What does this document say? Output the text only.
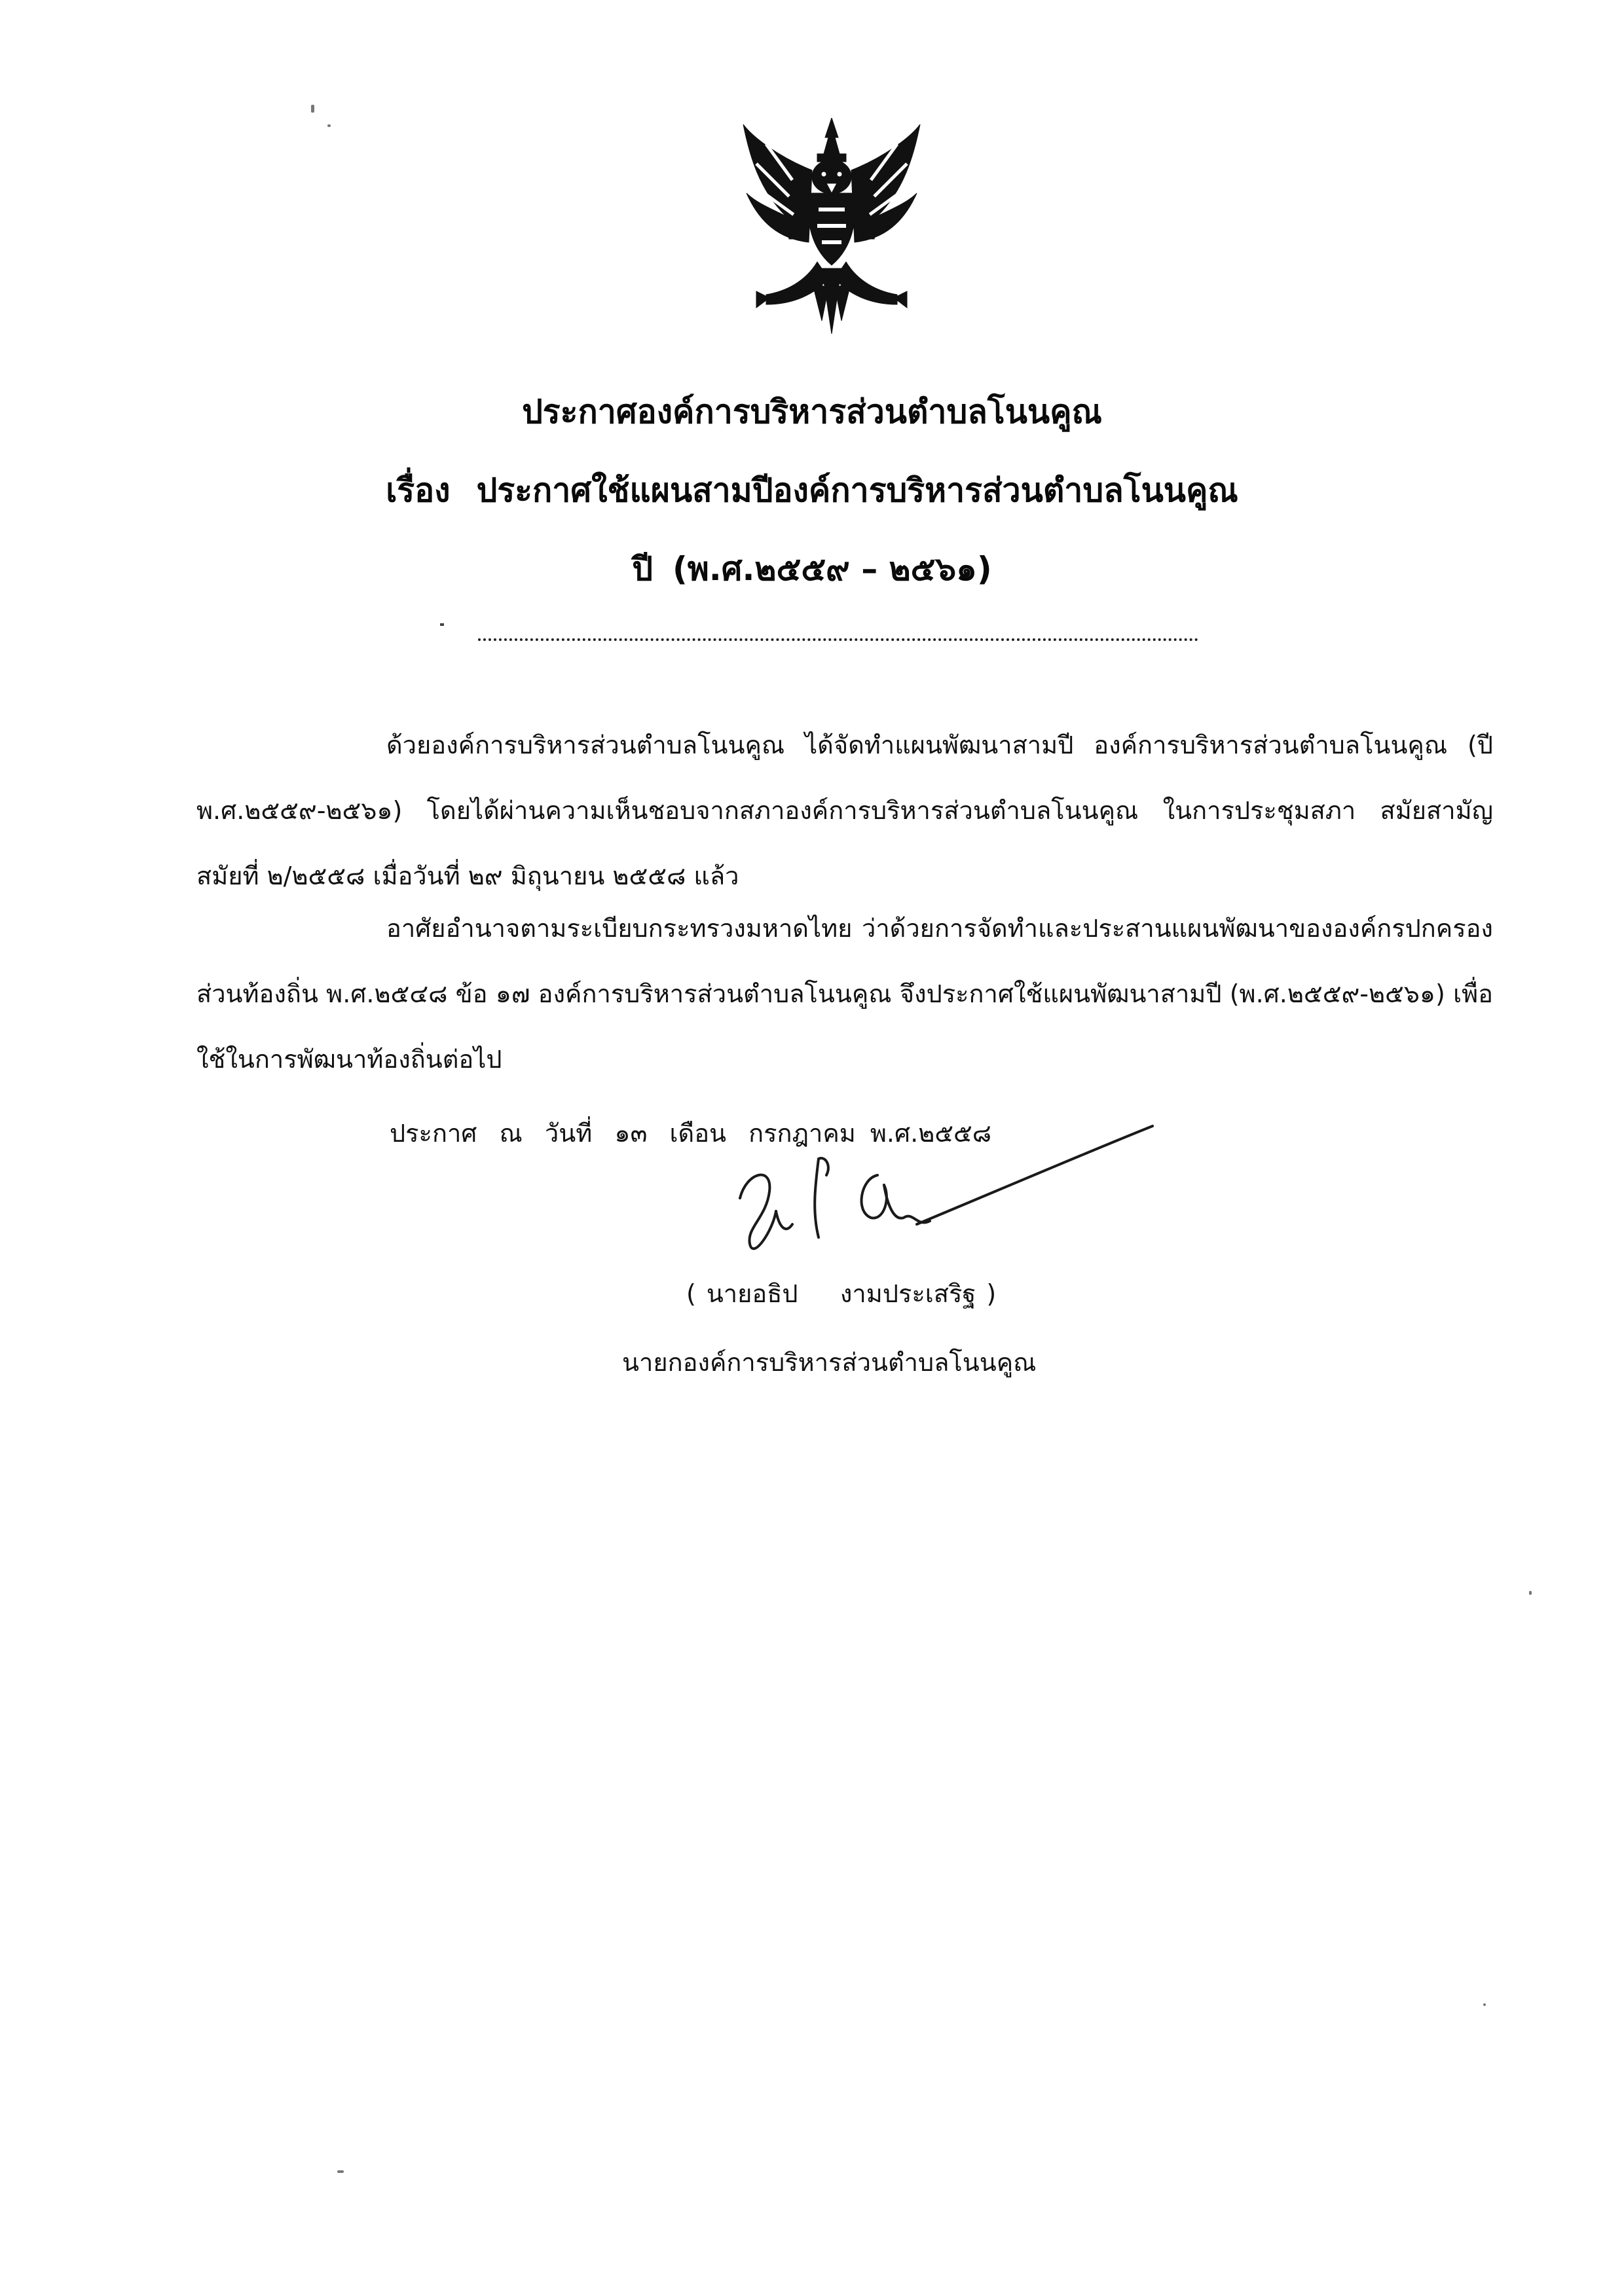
ประกาศองค์การบริหารส่วนตำบลโนนคูณ
เรื่อง ประกาศใช้แผนสามปีองค์การบริหารส่วนตำบลโนนคูณ
ปี (พ.ศ.๒๕๕๙ – ๒๕๖๑)

ด้วยองค์การบริหารส่วนตำบลโนนคูณ ได้จัดทำแผนพัฒนาสามปี องค์การบริหารส่วนตำบลโนนคูณ (ปี พ.ศ.๒๕๕๙-๒๕๖๑) โดยได้ผ่านความเห็นชอบจากสภาองค์การบริหารส่วนตำบลโนนคูณ ในการประชุมสภา สมัยสามัญ สมัยที่ ๒/๒๕๕๘ เมื่อวันที่ ๒๙ มิถุนายน ๒๕๕๘ แล้ว

อาศัยอำนาจตามระเบียบกระทรวงมหาดไทย ว่าด้วยการจัดทำและประสานแผนพัฒนาขององค์กรปกครองส่วนท้องถิ่น พ.ศ.๒๕๔๘ ข้อ ๑๗ องค์การบริหารส่วนตำบลโนนคูณ จึงประกาศใช้แผนพัฒนาสามปี (พ.ศ.๒๕๕๙-๒๕๖๑) เพื่อใช้ในการพัฒนาท้องถิ่นต่อไป

ประกาศ ณ วันที่ ๑๓ เดือน กรกฎาคม พ.ศ.๒๕๕๘
( นายอธิป งามประเสริฐ )
นายกองค์การบริหารส่วนตำบลโนนคูณ
